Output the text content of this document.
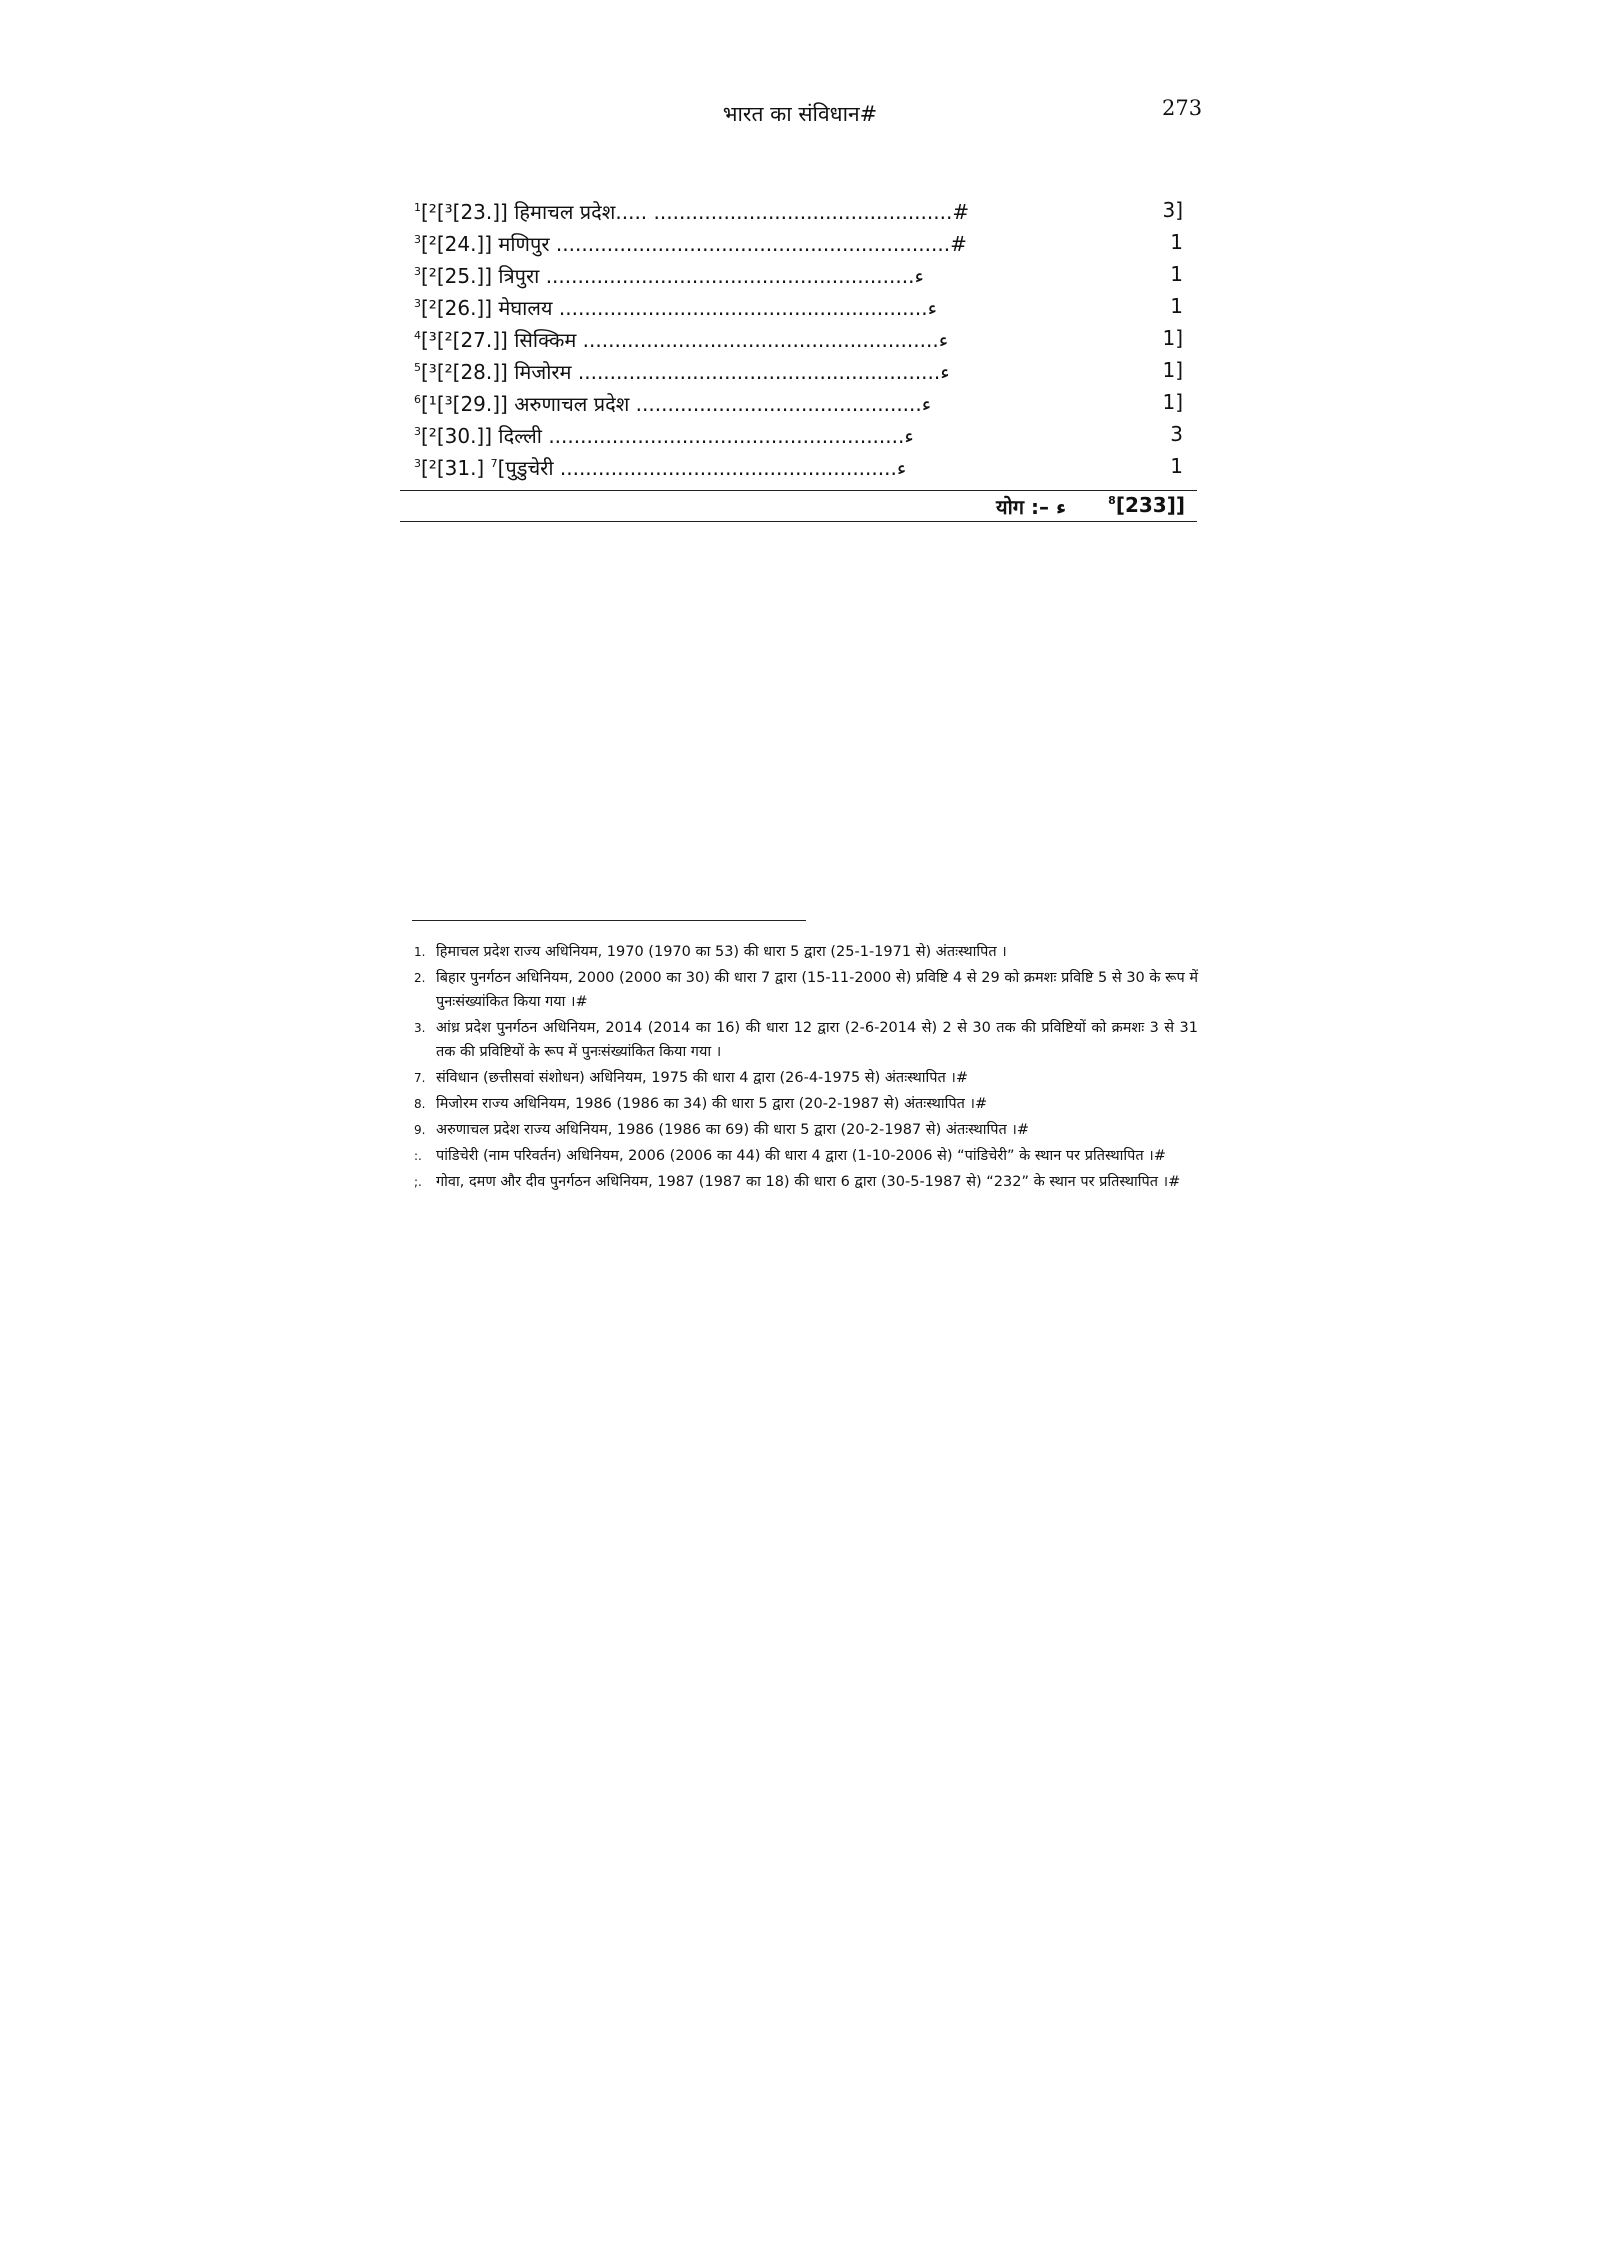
भारत का संविधान#	273
$^1$[²[³[23.]] हिमाचल प्रदेश..... ...............................................#	3]
$^3$[²[24.]] मणिपुर ..............................................................#	1
$^3$[²[25.]] त्रिपुरा ..........................................................ء	1
$^3$[²[26.]] मेघालय ..........................................................ء	1
$^4$[³[²[27.]] सिक्किम ........................................................ء	1]
$^5$[³[²[28.]] मिजोरम .........................................................ء	1]
$^6$[¹[³[29.]] अरुणाचल प्रदेश .............................................ء	1]
$^3$[²[30.]] दिल्ली ........................................................ء	3
$^3$[²[31.] $^7$[पुडुचेरी .....................................................ء	1
योग :– ء	$^8$[233]]
1. हिमाचल प्रदेश राज्य अधिनियम, 1970 (1970 का 53) की धारा 5 द्वारा (25-1-1971 से) अंतःस्थापित ।
2. बिहार पुनर्गठन अधिनियम, 2000 (2000 का 30) की धारा 7 द्वारा (15-11-2000 से) प्रविष्टि 4 से 29 को क्रमशः प्रविष्टि 5 से 30 के रूप में पुनःसंख्यांकित किया गया ।#
3. आंध्र प्रदेश पुनर्गठन अधिनियम, 2014 (2014 का 16) की धारा 12 द्वारा (2-6-2014 से) 2 से 30 तक की प्रविष्टियों को क्रमशः 3 से 31 तक की प्रविष्टियों के रूप में पुनःसंख्यांकित किया गया ।
7. संविधान (छत्तीसवां संशोधन) अधिनियम, 1975 की धारा 4 द्वारा (26-4-1975 से) अंतःस्थापित ।#
8. मिजोरम राज्य अधिनियम, 1986 (1986 का 34) की धारा 5 द्वारा (20-2-1987 से) अंतःस्थापित ।#
9. अरुणाचल प्रदेश राज्य अधिनियम, 1986 (1986 का 69) की धारा 5 द्वारा (20-2-1987 से) अंतःस्थापित ।#
:. पांडिचेरी (नाम परिवर्तन) अधिनियम, 2006 (2006 का 44) की धारा 4 द्वारा (1-10-2006 से) “पांडिचेरी” के स्थान पर प्रतिस्थापित ।#
;. गोवा, दमण और दीव पुनर्गठन अधिनियम, 1987 (1987 का 18) की धारा 6 द्वारा (30-5-1987 से) “232” के स्थान पर प्रतिस्थापित ।#
